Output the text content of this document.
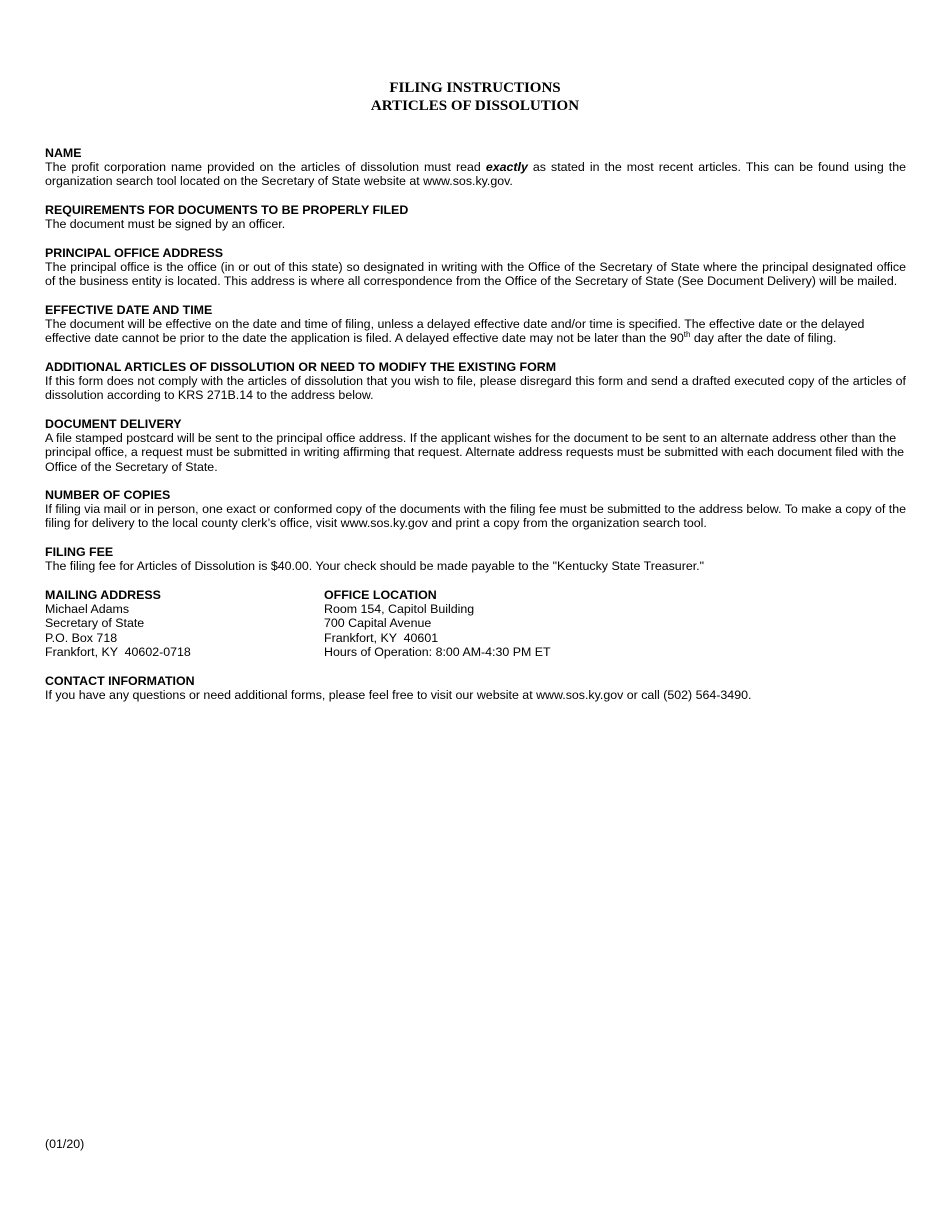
FILING INSTRUCTIONS
ARTICLES OF DISSOLUTION
NAME

The profit corporation name provided on the articles of dissolution must read exactly as stated in the most recent articles. This can be found using the organization search tool located on the Secretary of State website at www.sos.ky.gov.

REQUIREMENTS FOR DOCUMENTS TO BE PROPERLY FILED

The document must be signed by an officer.

PRINCIPAL OFFICE ADDRESS

The principal office is the office (in or out of this state) so designated in writing with the Office of the Secretary of State where the principal designated office of the business entity is located. This address is where all correspondence from the Office of the Secretary of State (See Document Delivery) will be mailed.

EFFECTIVE DATE AND TIME

The document will be effective on the date and time of filing, unless a delayed effective date and/or time is specified. The effective date or the delayed
effective date cannot be prior to the date the application is filed. A delayed effective date may not be later than the 90th day after the date of filing.

ADDITIONAL ARTICLES OF DISSOLUTION OR NEED TO MODIFY THE EXISTING FORM

If this form does not comply with the articles of dissolution that you wish to file, please disregard this form and send a drafted executed copy of the articles of dissolution according to KRS 271B.14 to the address below.

DOCUMENT DELIVERY

A file stamped postcard will be sent to the principal office address. If the applicant wishes for the document to be sent to an alternate address other than the principal office, a request must be submitted in writing affirming that request. Alternate address requests must be submitted with each document filed with the Office of the Secretary of State.

NUMBER OF COPIES

If filing via mail or in person, one exact or conformed copy of the documents with the filing fee must be submitted to the address below. To make a copy of the filing for delivery to the local county clerk’s office, visit www.sos.ky.gov and print a copy from the organization search tool.

FILING FEE

The filing fee for Articles of Dissolution is $40.00. Your check should be made payable to the "Kentucky State Treasurer."

MAILING ADDRESS
Michael Adams
Secretary of State
P.O. Box 718
Frankfort, KY  40602-0718
OFFICE LOCATION
Room 154, Capitol Building
700 Capital Avenue
Frankfort, KY  40601
Hours of Operation: 8:00 AM-4:30 PM ET
CONTACT INFORMATION

If you have any questions or need additional forms, please feel free to visit our website at www.sos.ky.gov or call (502) 564-3490.

(01/20)
